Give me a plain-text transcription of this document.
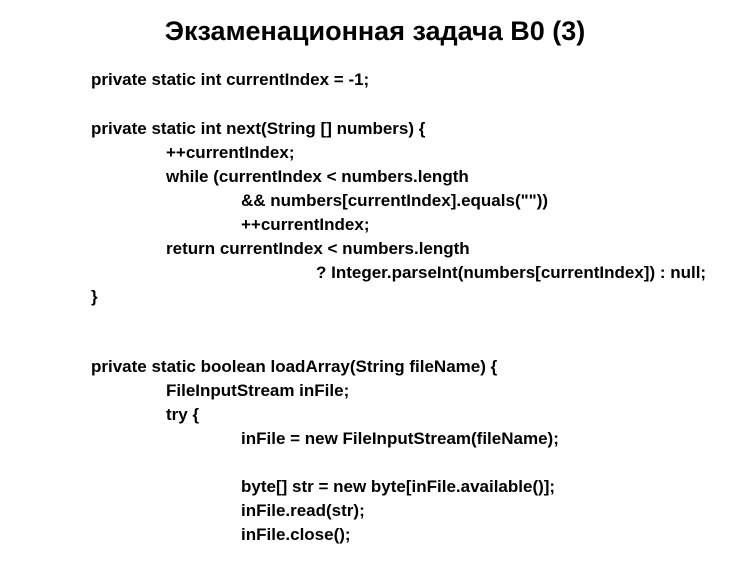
Экзаменационная задача B0 (3)
private static int currentIndex = -1;
private static int next(String [] numbers) {
++currentIndex;
while (currentIndex < numbers.length
&& numbers[currentIndex].equals(""))
++currentIndex;
return currentIndex < numbers.length
? Integer.parseInt(numbers[currentIndex]) : null;
}
private static boolean loadArray(String fileName) {
FileInputStream inFile;
try {
inFile = new FileInputStream(fileName);
byte[] str = new byte[inFile.available()];
inFile.read(str);
inFile.close();
